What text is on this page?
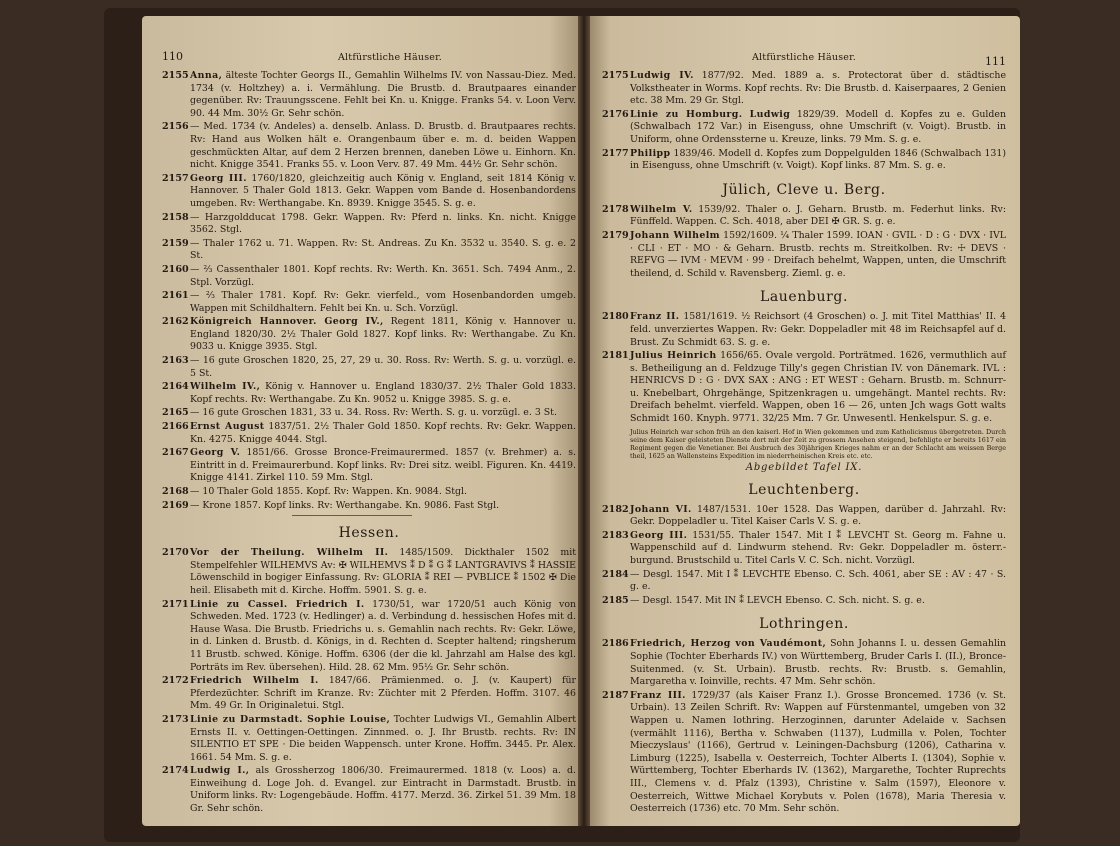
110	Altfürstliche Häuser.
2155 Anna, älteste Tochter Georgs II., Gemahlin Wilhelms IV. von Nassau-Diez. Med. 1734 (v. Holtzhey) a. i. Vermählung. Die Brustb. d. Brautpaares einander gegenüber. Rv: Trauungsscene. Fehlt bei Kn. u. Knigge. Franks 54. v. Loon Verv. 90. 44 Mm. 30½ Gr. Sehr schön.
2156 — Med. 1734 (v. Andeles) a. denselb. Anlass. D. Brustb. d. Brautpaares rechts. Rv: Hand aus Wolken hält e. Orangenbaum über e. m. d. beiden Wappen geschmückten Altar, auf dem 2 Herzen brennen, daneben Löwe u. Einhorn. Kn. nicht. Knigge 3541. Franks 55. v. Loon Verv. 87. 49 Mm. 44½ Gr. Sehr schön.
2157 Georg III. 1760/1820, gleichzeitig auch König v. England, seit 1814 König v. Hannover. 5 Thaler Gold 1813. Gekr. Wappen vom Bande d. Hosenbandordens umgeben. Rv: Werthangabe. Kn. 8939. Knigge 3545. S. g. e.
2158 — Harzgoldducat 1798. Gekr. Wappen. Rv: Pferd n. links. Kn. nicht. Knigge 3562. Stgl.
2159 — Thaler 1762 u. 71. Wappen. Rv: St. Andreas. Zu Kn. 3532 u. 3540. S. g. e. 2 St.
2160 — ⅔ Cassenthaler 1801. Kopf rechts. Rv: Werth. Kn. 3651. Sch. 7494 Anm., 2. Stpl. Vorzügl.
2161 — ⅔ Thaler 1781. Kopf. Rv: Gekr. vierfeld., vom Hosenbandorden umgeb. Wappen mit Schildhaltern. Fehlt bei Kn. u. Sch. Vorzügl.
2162 Königreich Hannover. Georg IV., Regent 1811, König v. Hannover u. England 1820/30. 2½ Thaler Gold 1827. Kopf links. Rv: Werthangabe. Zu Kn. 9033 u. Knigge 3935. Stgl.
2163 — 16 gute Groschen 1820, 25, 27, 29 u. 30. Ross. Rv: Werth. S. g. u. vorzügl. e. 5 St.
2164 Wilhelm IV., König v. Hannover u. England 1830/37. 2½ Thaler Gold 1833. Kopf rechts. Rv: Werthangabe. Zu Kn. 9052 u. Knigge 3985. S. g. e.
2165 — 16 gute Groschen 1831, 33 u. 34. Ross. Rv: Werth. S. g. u. vorzügl. e. 3 St.
2166 Ernst August 1837/51. 2½ Thaler Gold 1850. Kopf rechts. Rv: Gekr. Wappen. Kn. 4275. Knigge 4044. Stgl.
2167 Georg V. 1851/66. Grosse Bronce-Freimaurermed. 1857 (v. Brehmer) a. s. Eintritt in d. Freimaurerbund. Kopf links. Rv: Drei sitz. weibl. Figuren. Kn. 4419. Knigge 4141. Zirkel 110. 59 Mm. Stgl.
2168 — 10 Thaler Gold 1855. Kopf. Rv: Wappen. Kn. 9084. Stgl.
2169 — Krone 1857. Kopf links. Rv: Werthangabe. Kn. 9086. Fast Stgl.
Hessen.
2170 Vor der Theilung. Wilhelm II. 1485/1509. Dickthaler 1502 mit Stempelfehler WILHEMVS Av: ✠ WILHEMVS ⁑ D ⁑ G ⁑ LANTGRAVIVS ⁑ HASSIE Löwenschild in bogiger Einfassung. Rv: GLORIA ⁑ REI — PVBLICE ⁑ 1502 ✠ Die heil. Elisabeth mit d. Kirche. Hoffm. 5901. S. g. e.
2171 Linie zu Cassel. Friedrich I. 1730/51, war 1720/51 auch König von Schweden. Med. 1723 (v. Hedlinger) a. d. Verbindung d. hessischen Hofes mit d. Hause Wasa. Die Brustb. Friedrichs u. s. Gemahlin nach rechts. Rv: Gekr. Löwe, in d. Linken d. Brustb. d. Königs, in d. Rechten d. Scepter haltend; ringsherum 11 Brustb. schwed. Könige. Hoffm. 6306 (der die kl. Jahrzahl am Halse des kgl. Porträts im Rev. übersehen). Hild. 28. 62 Mm. 95½ Gr. Sehr schön.
2172 Friedrich Wilhelm I. 1847/66. Prämienmed. o. J. (v. Kaupert) für Pferdezüchter. Schrift im Kranze. Rv: Züchter mit 2 Pferden. Hoffm. 3107. 46 Mm. 49 Gr. In Originaletui. Stgl.
2173 Linie zu Darmstadt. Sophie Louise, Tochter Ludwigs VI., Gemahlin Albert Ernsts II. v. Oettingen-Oettingen. Zinnmed. o. J. Ihr Brustb. rechts. Rv: IN SILENTIO ET SPE · Die beiden Wappensch. unter Krone. Hoffm. 3445. Pr. Alex. 1661. 54 Mm. S. g. e.
2174 Ludwig I., als Grossherzog 1806/30. Freimaurermed. 1818 (v. Loos) a. d. Einweihung d. Loge Joh. d. Evangel. zur Eintracht in Darmstadt. Brustb. in Uniform links. Rv: Logengebäude. Hoffm. 4177. Merzd. 36. Zirkel 51. 39 Mm. 18 Gr. Sehr schön.
Altfürstliche Häuser.	111
2175 Ludwig IV. 1877/92. Med. 1889 a. s. Protectorat über d. städtische Volkstheater in Worms. Kopf rechts. Rv: Die Brustb. d. Kaiserpaares, 2 Genien etc. 38 Mm. 29 Gr. Stgl.
2176 Linie zu Homburg. Ludwig 1829/39. Modell d. Kopfes zu e. Gulden (Schwalbach 172 Var.) in Eisenguss, ohne Umschrift (v. Voigt). Brustb. in Uniform, ohne Ordenssterne u. Kreuze, links. 79 Mm. S. g. e.
2177 Philipp 1839/46. Modell d. Kopfes zum Doppelgulden 1846 (Schwalbach 131) in Eisenguss, ohne Umschrift (v. Voigt). Kopf links. 87 Mm. S. g. e.
Jülich, Cleve u. Berg.
2178 Wilhelm V. 1539/92. Thaler o. J. Geharn. Brustb. m. Federhut links. Rv: Fünffeld. Wappen. C. Sch. 4018, aber DEI ✠ GR. S. g. e.
2179 Johann Wilhelm 1592/1609. ¼ Thaler 1599. IOAN · GVIL · D : G · DVX · IVL · CLI · ET · MO · & Geharn. Brustb. rechts m. Streitkolben. Rv: ☩ DEVS · REFVG — IVM · MEVM · 99 · Dreifach behelmt, Wappen, unten, die Umschrift theilend, d. Schild v. Ravensberg. Zieml. g. e.
Lauenburg.
2180 Franz II. 1581/1619. ½ Reichsort (4 Groschen) o. J. mit Titel Matthias' II. 4 feld. unverziertes Wappen. Rv: Gekr. Doppeladler mit 48 im Reichsapfel auf d. Brust. Zu Schmidt 63. S. g. e.
2181 Julius Heinrich 1656/65. Ovale vergold. Porträtmed. 1626, vermuthlich auf s. Betheiligung an d. Feldzuge Tilly's gegen Christian IV. von Dänemark. IVL : HENRICVS D : G · DVX SAX : ANG : ET WEST : Geharn. Brustb. m. Schnurr- u. Knebelbart, Ohrgehänge, Spitzenkragen u. umgehängt. Mantel rechts. Rv: Dreifach behelmt. vierfeld. Wappen, oben 16 — 26, unten Jch wags Gott walts Schmidt 160. Knyph. 9771. 32/25 Mm. 7 Gr. Unwesentl. Henkelspur. S. g. e.
Julius Heinrich war schon früh an den kaiserl. Hof in Wien gekommen und zum Katholicismus übergetreten. Durch seine dem Kaiser geleisteten Dienste dort mit der Zeit zu grossem Ansehen steigend, befehligte er bereits 1617 ein Regiment gegen die Venetianer. Bei Ausbruch des 30jährigen Krieges nahm er an der Schlacht am weissen Berge theil, 1625 an Wallensteins Expedition im niederrheinischen Kreis etc. etc.
Abgebildet Tafel IX.
Leuchtenberg.
2182 Johann VI. 1487/1531. 10er 1528. Das Wappen, darüber d. Jahrzahl. Rv: Gekr. Doppeladler u. Titel Kaiser Carls V. S. g. e.
2183 Georg III. 1531/55. Thaler 1547. Mit I ⁑ LEVCHT St. Georg m. Fahne u. Wappenschild auf d. Lindwurm stehend. Rv: Gekr. Doppeladler m. österr.-burgund. Brustschild u. Titel Carls V. C. Sch. nicht. Vorzügl.
2184 — Desgl. 1547. Mit I ⁑ LEVCHTE Ebenso. C. Sch. 4061, aber SE : AV : 47 · S. g. e.
2185 — Desgl. 1547. Mit IN ⁑ LEVCH Ebenso. C. Sch. nicht. S. g. e.
Lothringen.
2186 Friedrich, Herzog von Vaudémont, Sohn Johanns I. u. dessen Gemahlin Sophie (Tochter Eberhards IV.) von Württemberg, Bruder Carls I. (II.), Bronce-Suitenmed. (v. St. Urbain). Brustb. rechts. Rv: Brustb. s. Gemahlin, Margaretha v. Ioinville, rechts. 47 Mm. Sehr schön.
2187 Franz III. 1729/37 (als Kaiser Franz I.). Grosse Broncemed. 1736 (v. St. Urbain). 13 Zeilen Schrift. Rv: Wappen auf Fürstenmantel, umgeben von 32 Wappen u. Namen lothring. Herzoginnen, darunter Adelaide v. Sachsen (vermählt 1116), Bertha v. Schwaben (1137), Ludmilla v. Polen, Tochter Mieczyslaus' (1166), Gertrud v. Leiningen-Dachsburg (1206), Catharina v. Limburg (1225), Isabella v. Oesterreich, Tochter Alberts I. (1304), Sophie v. Württemberg, Tochter Eberhards IV. (1362), Margarethe, Tochter Ruprechts III., Clemens v. d. Pfalz (1393), Christine v. Salm (1597), Eleonore v. Oesterreich, Wittwe Michael Korybuts v. Polen (1678), Maria Theresia v. Oesterreich (1736) etc. 70 Mm. Sehr schön.
